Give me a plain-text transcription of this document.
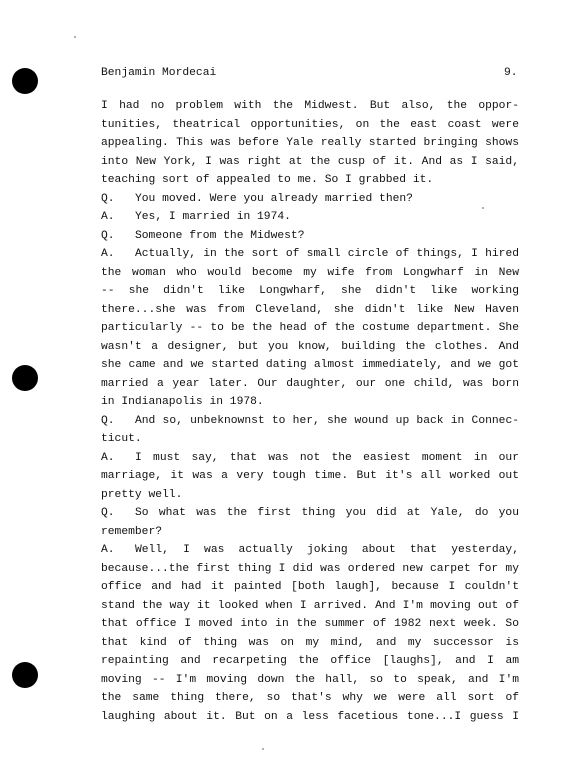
Benjamin Mordecai	9.
I had no problem with the Midwest. But also, the oppor-
tunities, theatrical opportunities, on the east coast were
appealing. This was before Yale really started bringing shows
into New York, I was right at the cusp of it. And as I said,
teaching sort of appealed to me. So I grabbed it.
Q. You moved. Were you already married then?
A. Yes, I married in 1974.
Q. Someone from the Midwest?
A. Actually, in the sort of small circle of things, I hired
the woman who would become my wife from Longwharf in New
-- she didn't like Longwharf, she didn't like working
there...she was from Cleveland, she didn't like New Haven
particularly -- to be the head of the costume department. She
wasn't a designer, but you know, building the clothes. And
she came and we started dating almost immediately, and we got
married a year later. Our daughter, our one child, was born
in Indianapolis in 1978.
Q. And so, unbeknownst to her, she wound up back in Connec-
ticut.
A. I must say, that was not the easiest moment in our
marriage, it was a very tough time. But it's all worked out
pretty well.
Q. So what was the first thing you did at Yale, do you
remember?
A. Well, I was actually joking about that yesterday,
because...the first thing I did was ordered new carpet for my
office and had it painted [both laugh], because I couldn't
stand the way it looked when I arrived. And I'm moving out of
that office I moved into in the summer of 1982 next week. So
that kind of thing was on my mind, and my successor is
repainting and recarpeting the office [laughs], and I am
moving -- I'm moving down the hall, so to speak, and I'm
the same thing there, so that's why we were all sort of
laughing about it. But on a less facetious tone...I guess I
